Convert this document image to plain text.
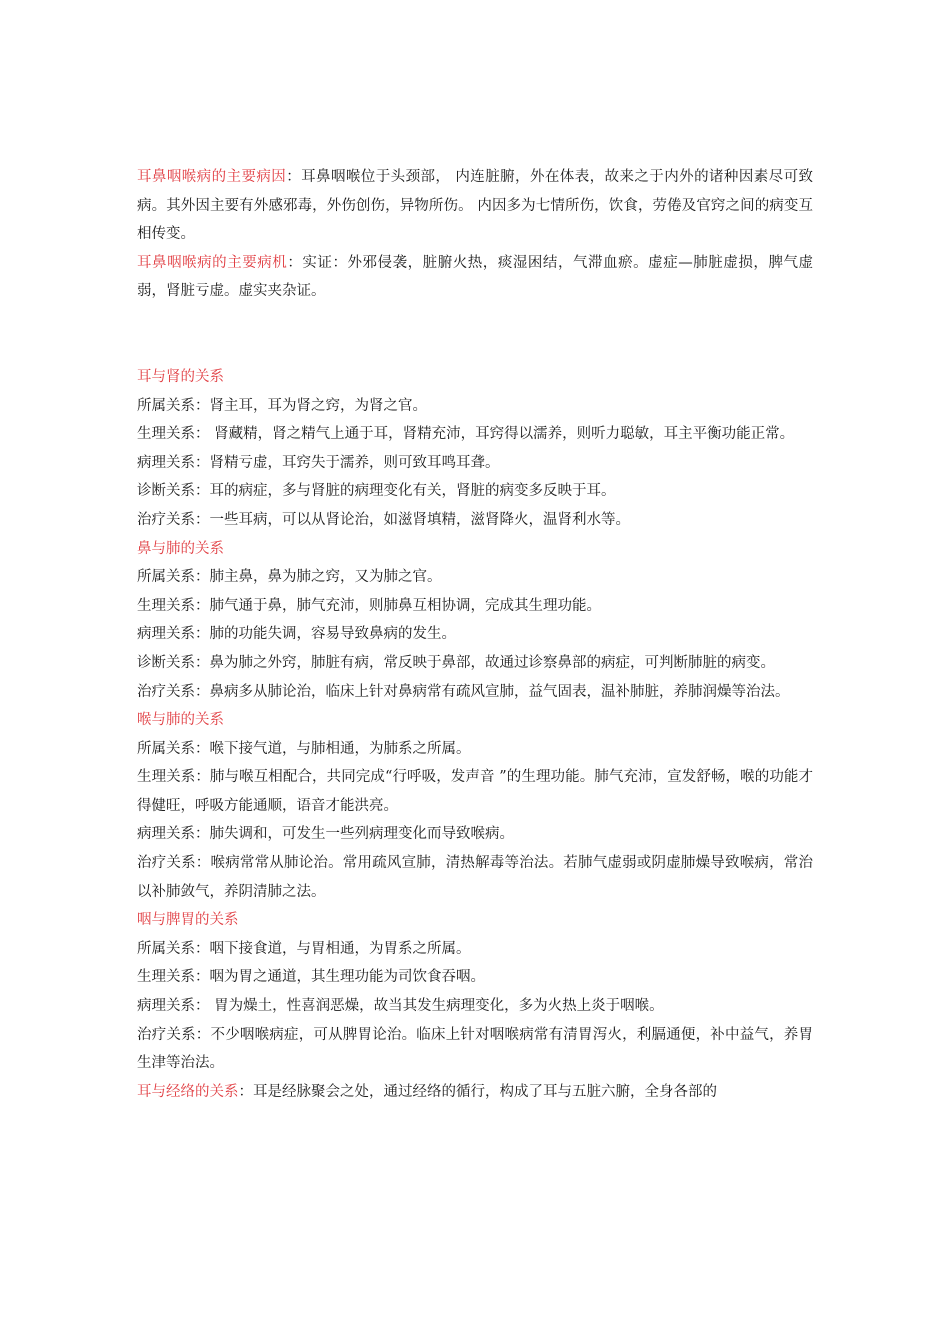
耳鼻咽喉病的主要病因：耳鼻咽喉位于头颈部， 内连脏腑，外在体表，故来之于内外的诸种因素尽可致病。其外因主要有外感邪毒，外伤创伤，异物所伤。 内因多为七情所伤，饮食，劳倦及官窍之间的病变互相传变。

耳鼻咽喉病的主要病机：实证：外邪侵袭，脏腑火热，痰湿困结，气滞血瘀。虚症—肺脏虚损，脾气虚弱，肾脏亏虚。虚实夹杂证。

耳与肾的关系

所属关系：肾主耳，耳为肾之窍，为肾之官。

生理关系： 肾藏精，肾之精气上通于耳，肾精充沛，耳窍得以濡养，则听力聪敏，耳主平衡功能正常。

病理关系：肾精亏虚，耳窍失于濡养，则可致耳鸣耳聋。

诊断关系：耳的病症，多与肾脏的病理变化有关，肾脏的病变多反映于耳。

治疗关系：一些耳病，可以从肾论治，如滋肾填精，滋肾降火，温肾利水等。

鼻与肺的关系

所属关系：肺主鼻，鼻为肺之窍，又为肺之官。

生理关系：肺气通于鼻，肺气充沛，则肺鼻互相协调，完成其生理功能。

病理关系：肺的功能失调，容易导致鼻病的发生。

诊断关系：鼻为肺之外窍，肺脏有病，常反映于鼻部，故通过诊察鼻部的病症，可判断肺脏的病变。

治疗关系：鼻病多从肺论治，临床上针对鼻病常有疏风宣肺，益气固表，温补肺脏，养肺润燥等治法。

喉与肺的关系

所属关系：喉下接气道，与肺相通，为肺系之所属。

生理关系：肺与喉互相配合，共同完成“行呼吸，发声音 ”的生理功能。肺气充沛，宣发舒畅，喉的功能才得健旺，呼吸方能通顺，语音才能洪亮。

病理关系：肺失调和，可发生一些列病理变化而导致喉病。

治疗关系：喉病常常从肺论治。常用疏风宣肺，清热解毒等治法。若肺气虚弱或阴虚肺燥导致喉病，常治以补肺敛气，养阴清肺之法。

咽与脾胃的关系

所属关系：咽下接食道，与胃相通，为胃系之所属。

生理关系：咽为胃之通道，其生理功能为司饮食吞咽。

病理关系： 胃为燥土，性喜润恶燥，故当其发生病理变化，多为火热上炎于咽喉。

治疗关系：不少咽喉病症，可从脾胃论治。临床上针对咽喉病常有清胃泻火，利膈通便，补中益气，养胃生津等治法。

耳与经络的关系：耳是经脉聚会之处，通过经络的循行，构成了耳与五脏六腑，全身各部的
